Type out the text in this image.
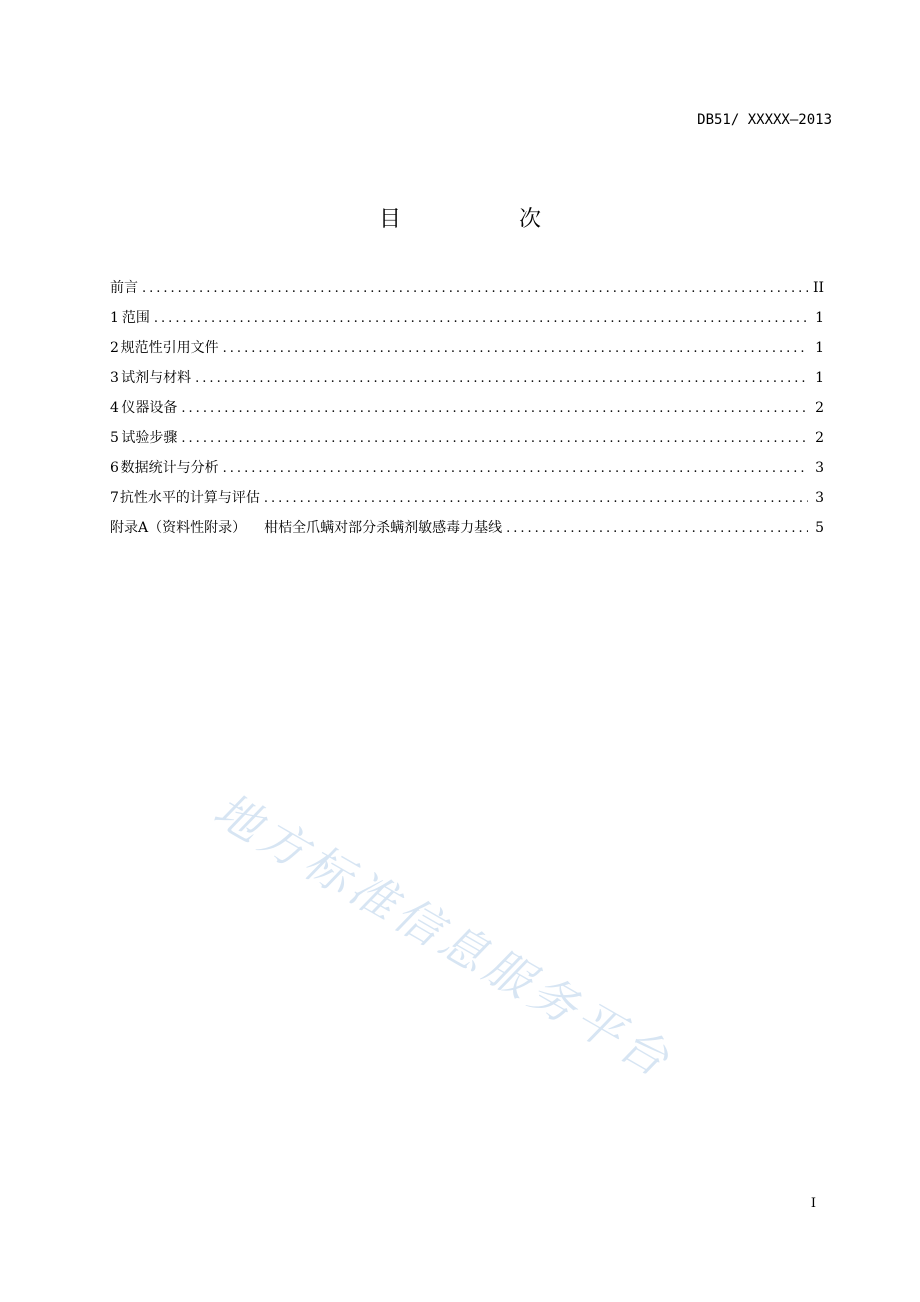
DB51/ XXXXX—2013
目　次
前言 .....	II
1 范围 .....	1
2 规范性引用文件 .....	1
3 试剂与材料 .....	1
4 仪器设备 .....	2
5 试验步骤 .....	2
6 数据统计与分析 .....	3
7 抗性水平的计算与评估 .....	3
附录A（资料性附录） 柑桔全爪螨对部分杀螨剂敏感毒力基线 .....	5
地方标准信息服务平台
I
